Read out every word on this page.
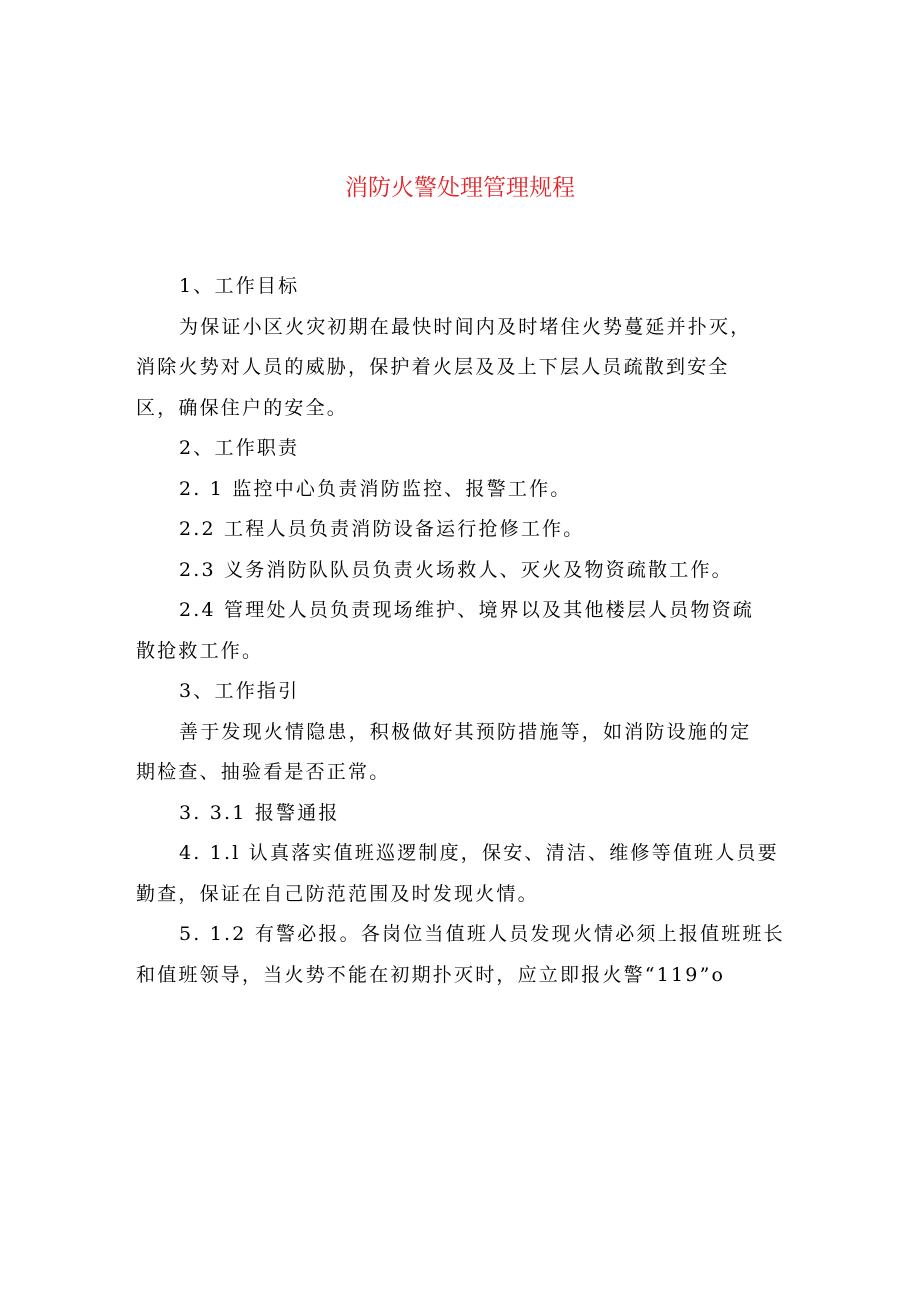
消防火警处理管理规程

1、工作目标

为保证小区火灾初期在最快时间内及时堵住火势蔓延并扑灭，

消除火势对人员的威胁，保护着火层及及上下层人员疏散到安全

区，确保住户的安全。

2、工作职责

2. 1 监控中心负责消防监控、报警工作。

2.2 工程人员负责消防设备运行抢修工作。

2.3 义务消防队队员负责火场救人、灭火及物资疏散工作。

2.4 管理处人员负责现场维护、境界以及其他楼层人员物资疏

散抢救工作。

3、工作指引

善于发现火情隐患，积极做好其预防措施等，如消防设施的定

期检查、抽验看是否正常。

3. 3.1 报警通报

4. 1.l 认真落实值班巡逻制度，保安、清洁、维修等值班人员要

勤查，保证在自己防范范围及时发现火情。

5. 1.2 有警必报。各岗位当值班人员发现火情必须上报值班班长

和值班领导，当火势不能在初期扑灭时，应立即报火警“119”o
